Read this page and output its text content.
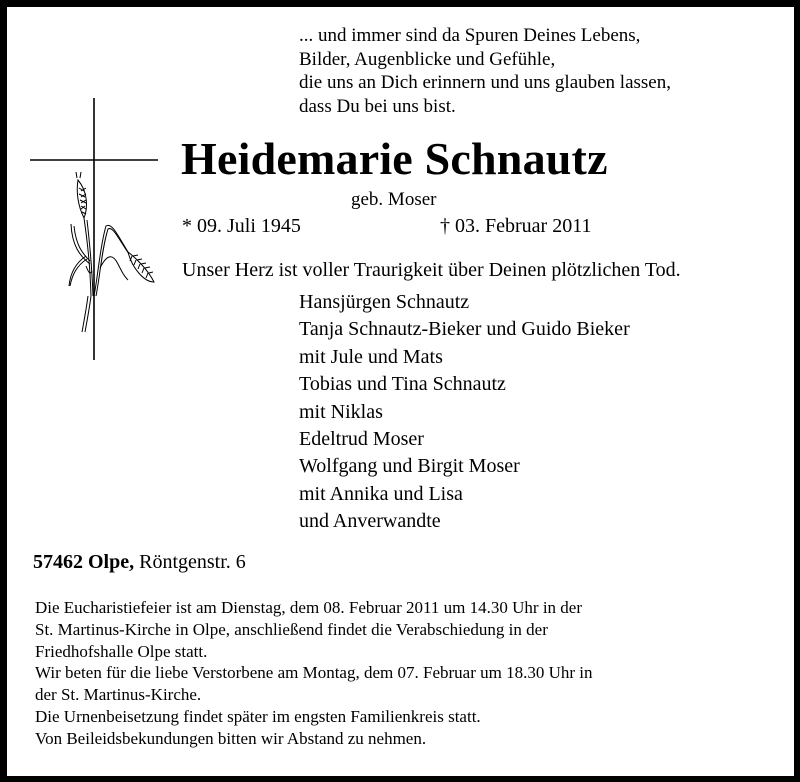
... und immer sind da Spuren Deines Lebens,
Bilder, Augenblicke und Gefühle,
die uns an Dich erinnern und uns glauben lassen,
dass Du bei uns bist.
Heidemarie Schnautz
geb. Moser
* 09. Juli 1945	† 03. Februar 2011
Unser Herz ist voller Traurigkeit über Deinen plötzlichen Tod.
Hansjürgen Schnautz
Tanja Schnautz-Bieker und Guido Bieker
mit Jule und Mats
Tobias und Tina Schnautz
mit Niklas
Edeltrud Moser
Wolfgang und Birgit Moser
mit Annika und Lisa
und Anverwandte
57462 Olpe, Röntgenstr. 6
Die Eucharistiefeier ist am Dienstag, dem 08. Februar 2011 um 14.30 Uhr in der
St. Martinus-Kirche in Olpe, anschließend findet die Verabschiedung in der
Friedhofshalle Olpe statt.
Wir beten für die liebe Verstorbene am Montag, dem 07. Februar um 18.30 Uhr in
der St. Martinus-Kirche.
Die Urnenbeisetzung findet später im engsten Familienkreis statt.
Von Beileidsbekundungen bitten wir Abstand zu nehmen.
